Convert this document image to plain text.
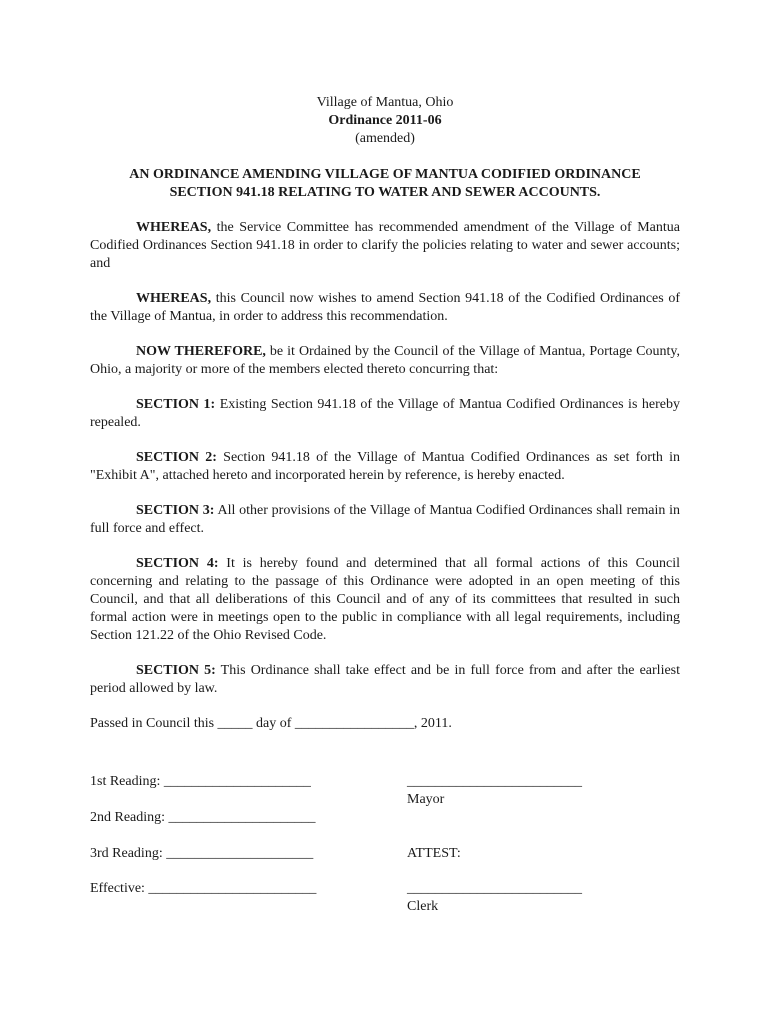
Village of Mantua, Ohio
Ordinance 2011-06
(amended)
AN ORDINANCE AMENDING VILLAGE OF MANTUA CODIFIED ORDINANCE
SECTION 941.18 RELATING TO WATER AND SEWER ACCOUNTS.

WHEREAS, the Service Committee has recommended amendment of the Village of Mantua Codified Ordinances Section 941.18 in order to clarify the policies relating to water and sewer accounts; and

WHEREAS, this Council now wishes to amend Section 941.18 of the Codified Ordinances of the Village of Mantua, in order to address this recommendation.

NOW THEREFORE, be it Ordained by the Council of the Village of Mantua, Portage County, Ohio, a majority or more of the members elected thereto concurring that:

SECTION 1: Existing Section 941.18 of the Village of Mantua Codified Ordinances is hereby repealed.

SECTION 2: Section 941.18 of the Village of Mantua Codified Ordinances as set forth in "Exhibit A", attached hereto and incorporated herein by reference, is hereby enacted.

SECTION 3: All other provisions of the Village of Mantua Codified Ordinances shall remain in full force and effect.

SECTION 4: It is hereby found and determined that all formal actions of this Council concerning and relating to the passage of this Ordinance were adopted in an open meeting of this Council, and that all deliberations of this Council and of any of its committees that resulted in such formal action were in meetings open to the public in compliance with all legal requirements, including Section 121.22 of the Ohio Revised Code.

SECTION 5: This Ordinance shall take effect and be in full force from and after the earliest period allowed by law.

Passed in Council this _____ day of _________________, 2011.
1st Reading: _____________________	_________________________
Mayor
2nd Reading: _____________________
3rd Reading: _____________________	ATTEST:
Effective: ________________________	_________________________
Clerk
